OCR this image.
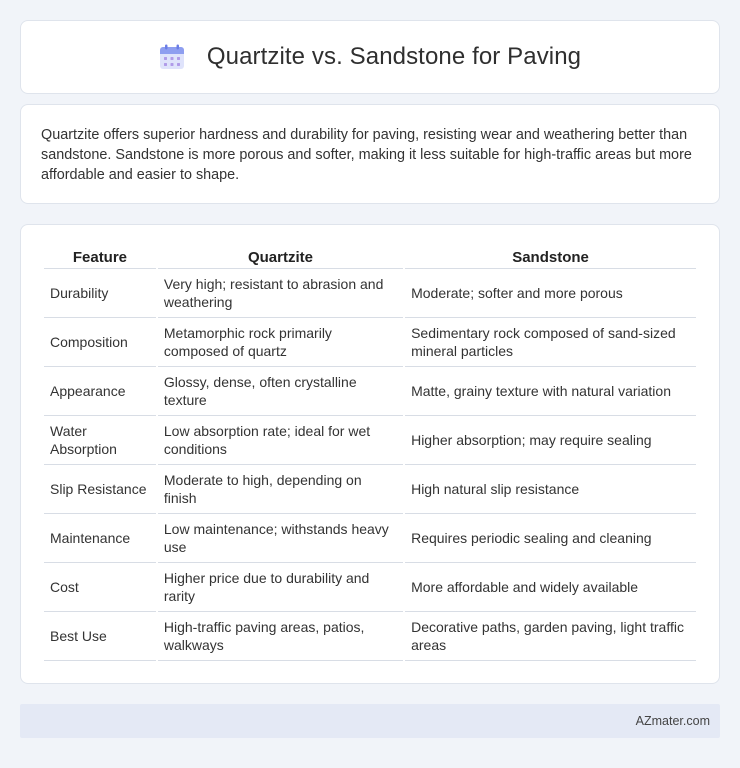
Quartzite vs. Sandstone for Paving

Quartzite offers superior hardness and durability for paving, resisting wear and weathering better than sandstone. Sandstone is more porous and softer, making it less suitable for high-traffic areas but more affordable and easier to shape.

Feature	Quartzite	Sandstone
Durability	Very high; resistant to abrasion and weathering	Moderate; softer and more porous
Composition	Metamorphic rock primarily composed of quartz	Sedimentary rock composed of sand-sized mineral particles
Appearance	Glossy, dense, often crystalline texture	Matte, grainy texture with natural variation
Water Absorption	Low absorption rate; ideal for wet conditions	Higher absorption; may require sealing
Slip Resistance	Moderate to high, depending on finish	High natural slip resistance
Maintenance	Low maintenance; withstands heavy use	Requires periodic sealing and cleaning
Cost	Higher price due to durability and rarity	More affordable and widely available
Best Use	High-traffic paving areas, patios, walkways	Decorative paths, garden paving, light traffic areas
AZmater.com
